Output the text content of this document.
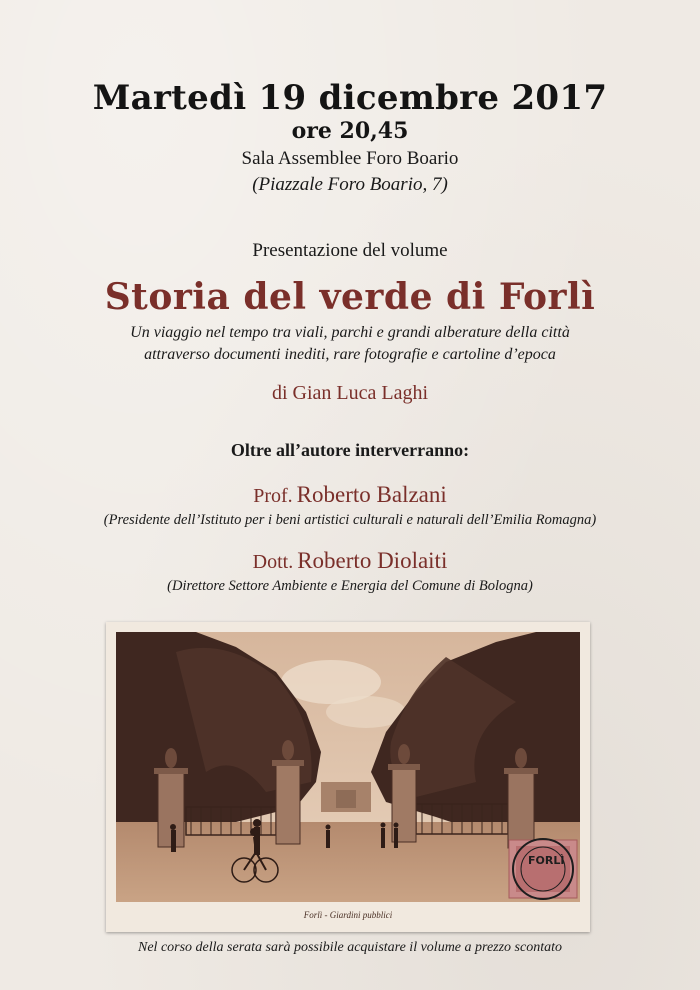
Martedì 19 dicembre 2017
ore 20,45
Sala Assemblee Foro Boario
(Piazzale Foro Boario, 7)
Presentazione del volume
Storia del verde di Forlì
Un viaggio nel tempo tra viali, parchi e grandi alberature della città
attraverso documenti inediti, rare fotografie e cartoline d’epoca
di Gian Luca Laghi
Oltre all’autore interverranno:
Prof. Roberto Balzani
(Presidente dell’Istituto per i beni artistici culturali e naturali dell’Emilia Romagna)
Dott. Roberto Diolaiti
(Direttore Settore Ambiente e Energia del Comune di Bologna)
FORLÌ
Forlì - Giardini pubblici
Nel corso della serata sarà possibile acquistare il volume a prezzo scontato
